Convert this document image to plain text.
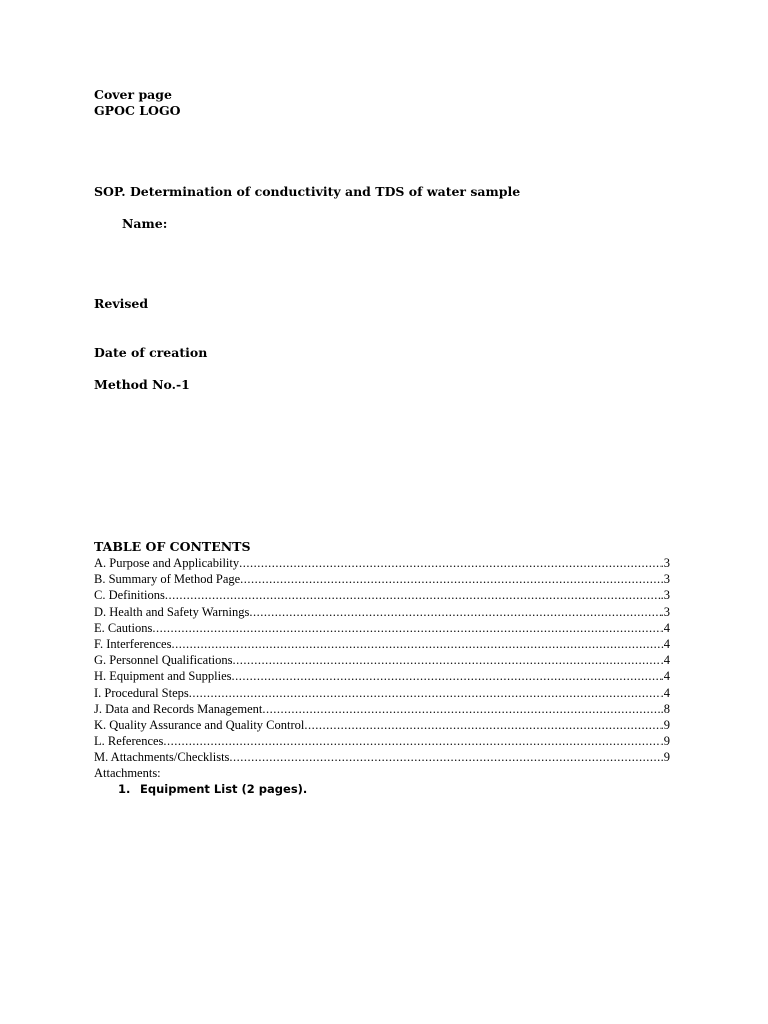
Cover page
GPOC LOGO
SOP. Determination of conductivity and TDS of water sample
Name:
Revised
Date of creation
Method No.-1
TABLE OF CONTENTS
A. Purpose and Applicability .....	.3
B. Summary of Method Page .....	.3
C. Definitions .....	.3
D. Health and Safety Warnings .....	.3
E. Cautions .....	.4
F. Interferences .....	4
G. Personnel Qualifications .....	.4
H. Equipment and Supplies .....	.4
I. Procedural Steps .....	.4
J. Data and Records Management .....	.8
K. Quality Assurance and Quality Control .....	.9
L. References .....	.9
M. Attachments/Checklists .....	.9
Attachments:
1. Equipment List (2 pages).
